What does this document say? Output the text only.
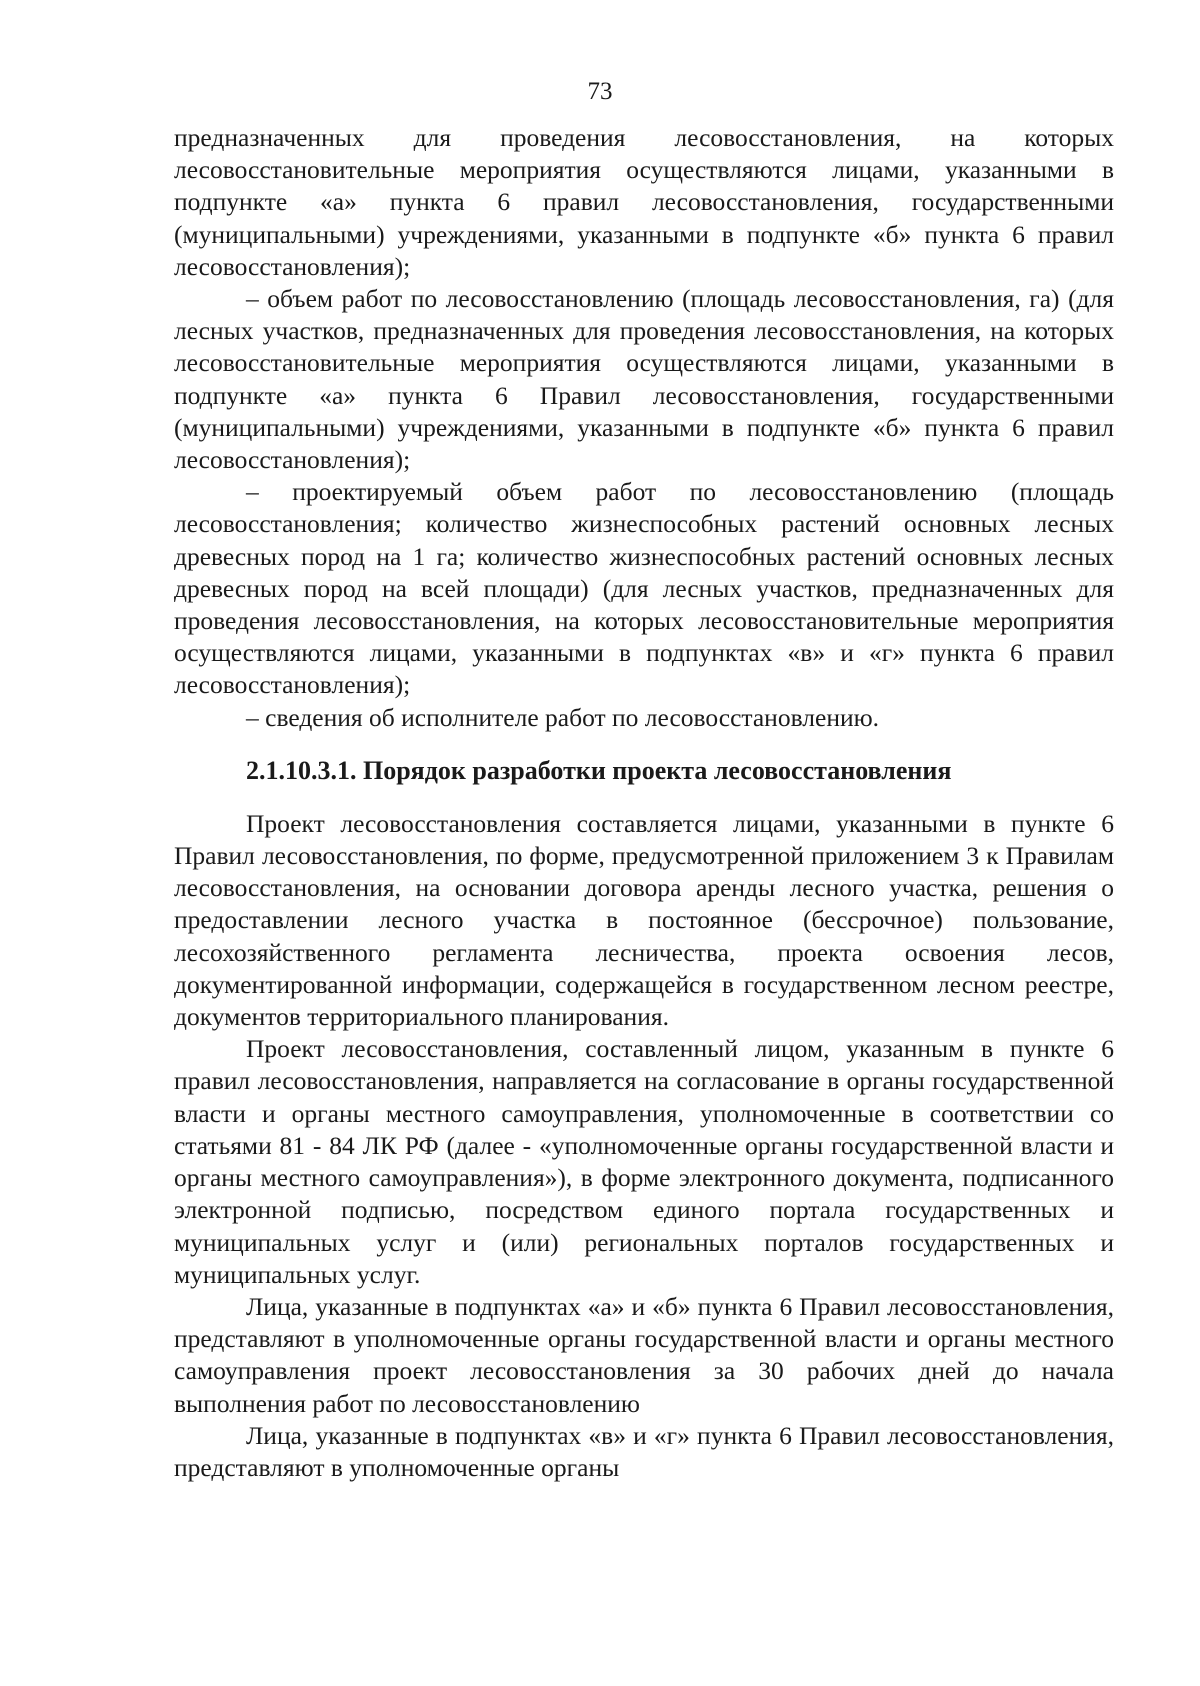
73

предназначенных для проведения лесовосстановления, на которых лесовосстановительные мероприятия осуществляются лицами, указанными в подпункте «а» пункта 6 правил лесовосстановления, государственными (муниципальными) учреждениями, указанными в подпункте «б» пункта 6 правил лесовосстановления);

– объем работ по лесовосстановлению (площадь лесовосстановления, га) (для лесных участков, предназначенных для проведения лесовосстановления, на которых лесовосстановительные мероприятия осуществляются лицами, указанными в подпункте «а» пункта 6 Правил лесовосстановления, государственными (муниципальными) учреждениями, указанными в подпункте «б» пункта 6 правил лесовосстановления);

– проектируемый объем работ по лесовосстановлению (площадь лесовосстановления; количество жизнеспособных растений основных лесных древесных пород на 1 га; количество жизнеспособных растений основных лесных древесных пород на всей площади) (для лесных участков, предназначенных для проведения лесовосстановления, на которых лесовосстановительные мероприятия осуществляются лицами, указанными в подпунктах «в» и «г» пункта 6 правил лесовосстановления);

– сведения об исполнителе работ по лесовосстановлению.

2.1.10.3.1. Порядок разработки проекта лесовосстановления

Проект лесовосстановления составляется лицами, указанными в пункте 6 Правил лесовосстановления, по форме, предусмотренной приложением 3 к Правилам лесовосстановления, на основании договора аренды лесного участка, решения о предоставлении лесного участка в постоянное (бессрочное) пользование, лесохозяйственного регламента лесничества, проекта освоения лесов, документированной информации, содержащейся в государственном лесном реестре, документов территориального планирования.

Проект лесовосстановления, составленный лицом, указанным в пункте 6 правил лесовосстановления, направляется на согласование в органы государственной власти и органы местного самоуправления, уполномоченные в соответствии со статьями 81 - 84 ЛК РФ (далее - «уполномоченные органы государственной власти и органы местного самоуправления»), в форме электронного документа, подписанного электронной подписью, посредством единого портала государственных и муниципальных услуг и (или) региональных порталов государственных и муниципальных услуг.

Лица, указанные в подпунктах «а» и «б» пункта 6 Правил лесовосстановления, представляют в уполномоченные органы государственной власти и органы местного самоуправления проект лесовосстановления за 30 рабочих дней до начала выполнения работ по лесовосстановлению

Лица, указанные в подпунктах «в» и «г» пункта 6 Правил лесовосстановления, представляют в уполномоченные органы
